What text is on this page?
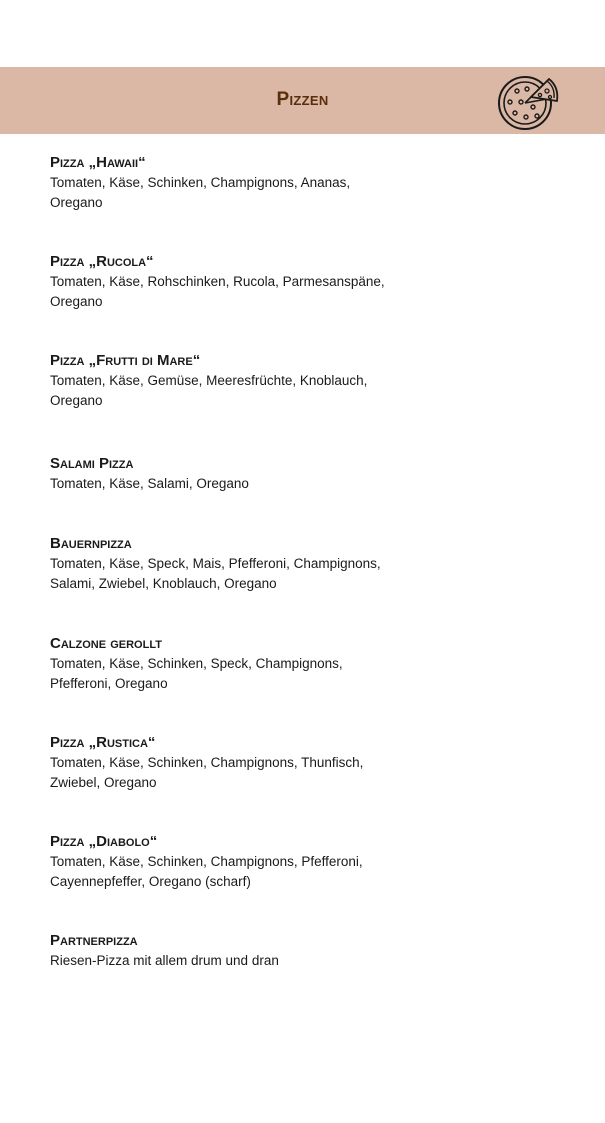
Pizzen
Pizza „Hawaii“
Tomaten, Käse, Schinken, Champignons, Ananas, Oregano
Pizza „Rucola“
Tomaten, Käse, Rohschinken, Rucola, Parmesanspäne, Oregano
Pizza „Frutti di Mare“
Tomaten, Käse, Gemüse, Meeresfrüchte, Knoblauch, Oregano
Salami Pizza
Tomaten, Käse, Salami, Oregano
Bauernpizza
Tomaten, Käse, Speck, Mais, Pfefferoni, Champignons, Salami, Zwiebel, Knoblauch, Oregano
Calzone gerollt
Tomaten, Käse, Schinken, Speck, Champignons, Pfefferoni, Oregano
Pizza „Rustica“
Tomaten, Käse, Schinken, Champignons, Thunfisch, Zwiebel, Oregano
Pizza „Diabolo“
Tomaten, Käse, Schinken, Champignons, Pfefferoni, Cayennepfeffer, Oregano (scharf)
Partnerpizza
Riesen-Pizza mit allem drum und dran
